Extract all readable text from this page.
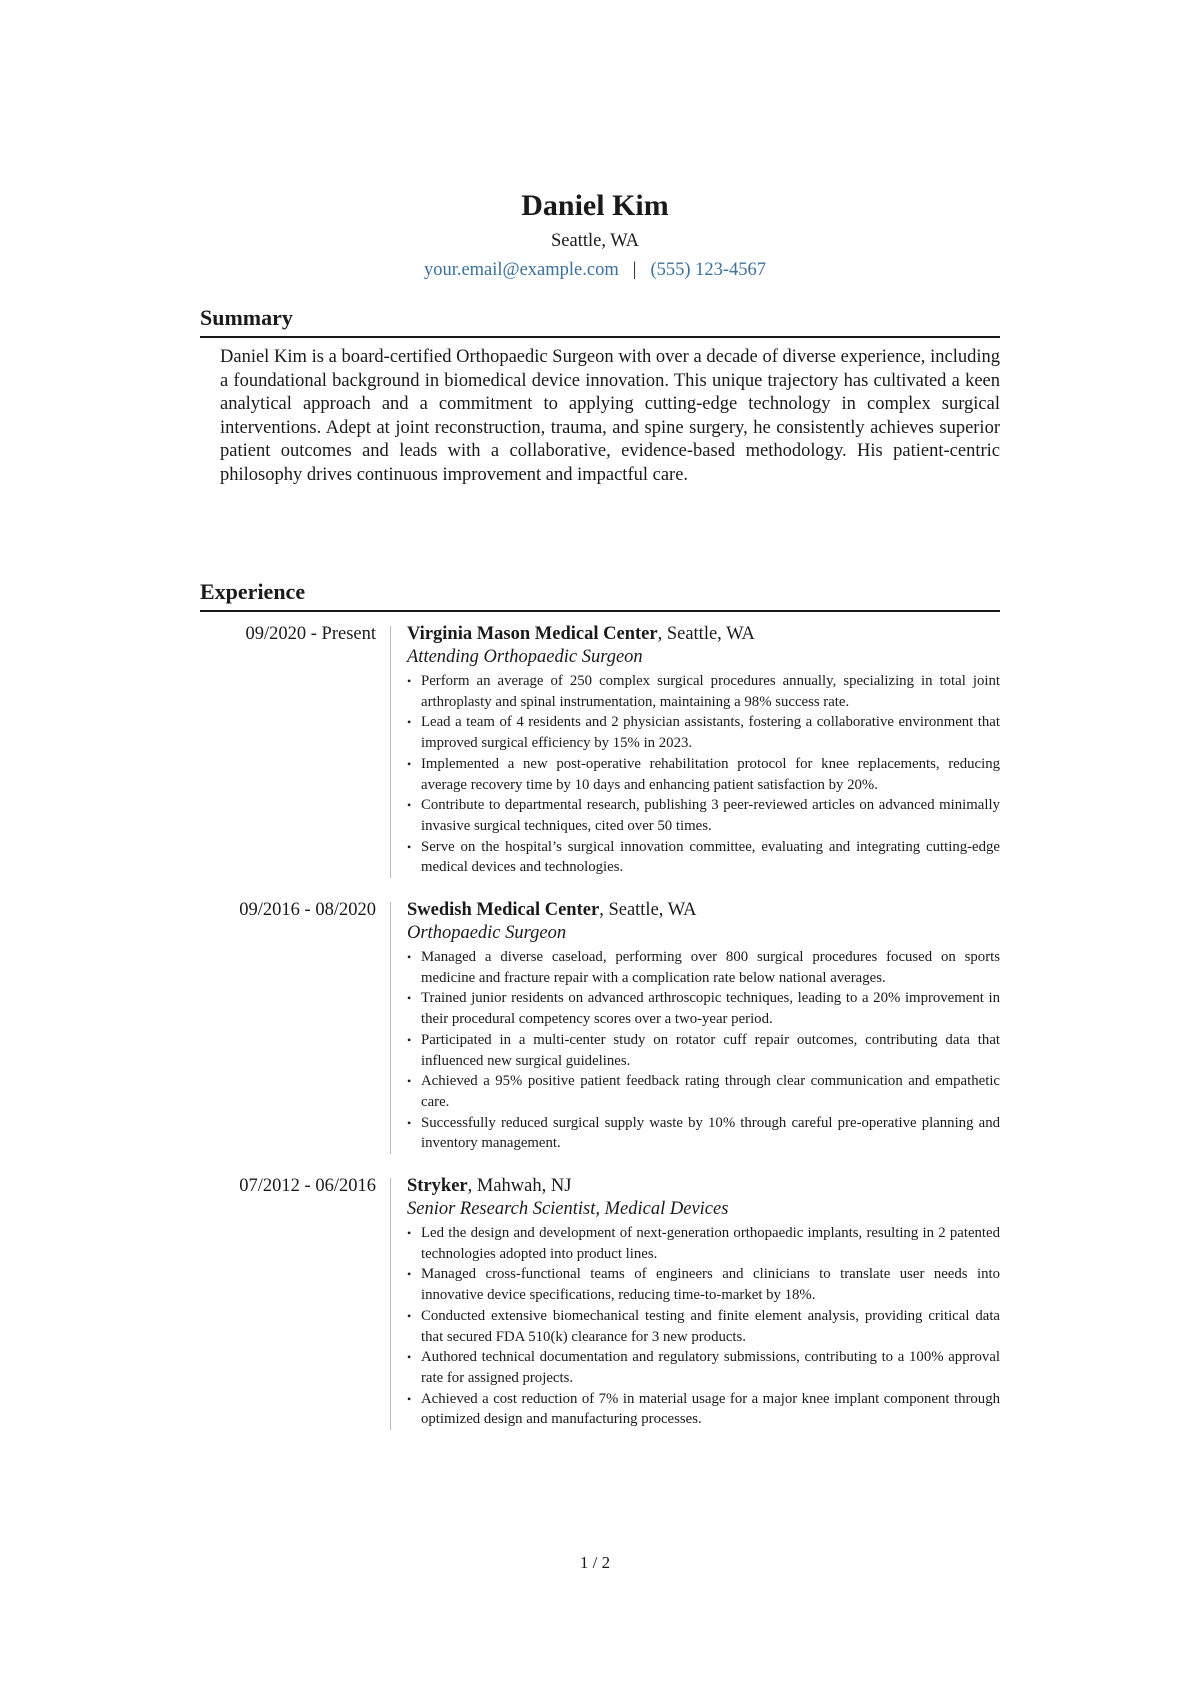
Daniel Kim
Seattle, WA
your.email@example.com | (555) 123-4567
Summary

Daniel Kim is a board-certified Orthopaedic Surgeon with over a decade of diverse experience, including a foundational background in biomedical device innovation. This unique trajectory has cultivated a keen analytical approach and a commitment to applying cutting-edge technology in complex surgical interventions. Adept at joint reconstruction, trauma, and spine surgery, he consistently achieves superior patient outcomes and leads with a collaborative, evidence-based methodology. His patient-centric philosophy drives continuous improvement and impactful care.

Experience
09/2020 - Present Virginia Mason Medical Center, Seattle, WA
Attending Orthopaedic Surgeon
• Perform an average of 250 complex surgical procedures annually, specializing in total joint arthroplasty and spinal instrumentation, maintaining a 98% success rate.
• Lead a team of 4 residents and 2 physician assistants, fostering a collaborative environment that improved surgical efficiency by 15% in 2023.
• Implemented a new post-operative rehabilitation protocol for knee replacements, reducing average recovery time by 10 days and enhancing patient satisfaction by 20%.
• Contribute to departmental research, publishing 3 peer-reviewed articles on advanced minimally invasive surgical techniques, cited over 50 times.
• Serve on the hospital’s surgical innovation committee, evaluating and integrating cutting-edge medical devices and technologies.
09/2016 - 08/2020 Swedish Medical Center, Seattle, WA
Orthopaedic Surgeon
• Managed a diverse caseload, performing over 800 surgical procedures focused on sports medicine and fracture repair with a complication rate below national averages.
• Trained junior residents on advanced arthroscopic techniques, leading to a 20% improvement in their procedural competency scores over a two-year period.
• Participated in a multi-center study on rotator cuff repair outcomes, contributing data that influenced new surgical guidelines.
• Achieved a 95% positive patient feedback rating through clear communication and empathetic care.
• Successfully reduced surgical supply waste by 10% through careful pre-operative planning and inventory management.
07/2012 - 06/2016 Stryker, Mahwah, NJ
Senior Research Scientist, Medical Devices
• Led the design and development of next-generation orthopaedic implants, resulting in 2 patented technologies adopted into product lines.
• Managed cross-functional teams of engineers and clinicians to translate user needs into innovative device specifications, reducing time-to-market by 18%.
• Conducted extensive biomechanical testing and finite element analysis, providing critical data that secured FDA 510(k) clearance for 3 new products.
• Authored technical documentation and regulatory submissions, contributing to a 100% approval rate for assigned projects.
• Achieved a cost reduction of 7% in material usage for a major knee implant component through optimized design and manufacturing processes.
1 / 2
